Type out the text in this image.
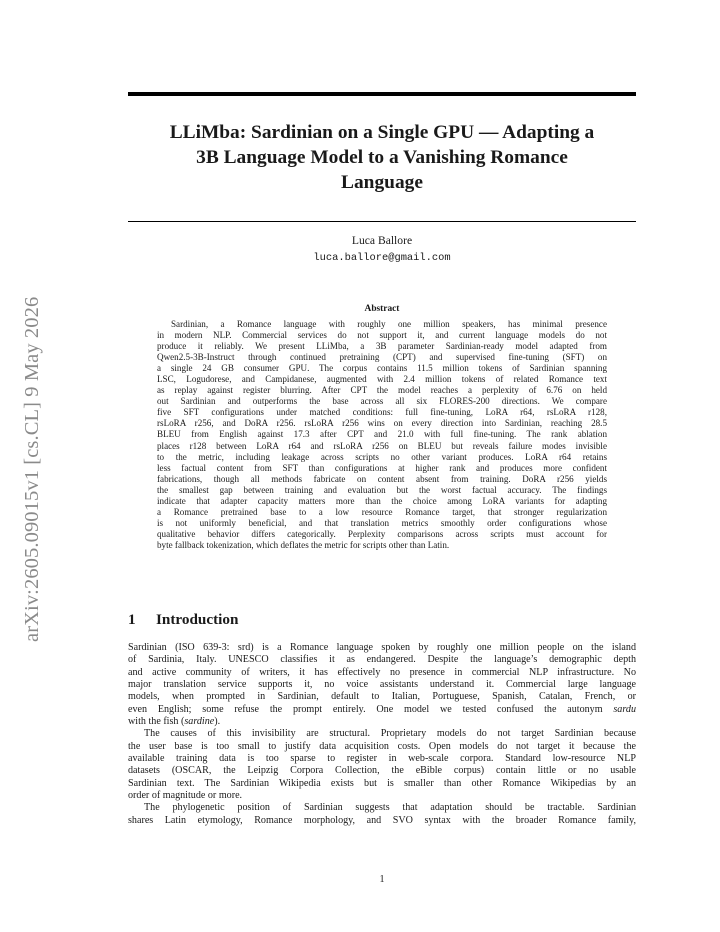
arXiv:2605.09015v1 [cs.CL] 9 May 2026
LLiMba: Sardinian on a Single GPU — Adapting a
3B Language Model to a Vanishing Romance
Language
Luca Ballore
luca.ballore@gmail.com
Abstract
Sardinian, a Romance language with roughly one million speakers, has minimal presence
in modern NLP. Commercial services do not support it, and current language models do not
produce it reliably. We present LLiMba, a 3B parameter Sardinian-ready model adapted from
Qwen2.5-3B-Instruct through continued pretraining (CPT) and supervised fine-tuning (SFT) on
a single 24 GB consumer GPU. The corpus contains 11.5 million tokens of Sardinian spanning
LSC, Logudorese, and Campidanese, augmented with 2.4 million tokens of related Romance text
as replay against register blurring. After CPT the model reaches a perplexity of 6.76 on held
out Sardinian and outperforms the base across all six FLORES-200 directions. We compare
five SFT configurations under matched conditions: full fine-tuning, LoRA r64, rsLoRA r128,
rsLoRA r256, and DoRA r256. rsLoRA r256 wins on every direction into Sardinian, reaching 28.5
BLEU from English against 17.3 after CPT and 21.0 with full fine-tuning. The rank ablation
places r128 between LoRA r64 and rsLoRA r256 on BLEU but reveals failure modes invisible
to the metric, including leakage across scripts no other variant produces. LoRA r64 retains
less factual content from SFT than configurations at higher rank and produces more confident
fabrications, though all methods fabricate on content absent from training. DoRA r256 yields
the smallest gap between training and evaluation but the worst factual accuracy. The findings
indicate that adapter capacity matters more than the choice among LoRA variants for adapting
a Romance pretrained base to a low resource Romance target, that stronger regularization
is not uniformly beneficial, and that translation metrics smoothly order configurations whose
qualitative behavior differs categorically. Perplexity comparisons across scripts must account for
byte fallback tokenization, which deflates the metric for scripts other than Latin.
1 Introduction
Sardinian (ISO 639-3: srd) is a Romance language spoken by roughly one million people on the island
of Sardinia, Italy. UNESCO classifies it as endangered. Despite the language’s demographic depth
and active community of writers, it has effectively no presence in commercial NLP infrastructure. No
major translation service supports it, no voice assistants understand it. Commercial large language
models, when prompted in Sardinian, default to Italian, Portuguese, Spanish, Catalan, French, or
even English; some refuse the prompt entirely. One model we tested confused the autonym sardu
with the fish (sardine).
The causes of this invisibility are structural. Proprietary models do not target Sardinian because
the user base is too small to justify data acquisition costs. Open models do not target it because the
available training data is too sparse to register in web-scale corpora. Standard low-resource NLP
datasets (OSCAR, the Leipzig Corpora Collection, the eBible corpus) contain little or no usable
Sardinian text. The Sardinian Wikipedia exists but is smaller than other Romance Wikipedias by an
order of magnitude or more.
The phylogenetic position of Sardinian suggests that adaptation should be tractable. Sardinian
shares Latin etymology, Romance morphology, and SVO syntax with the broader Romance family,
1
